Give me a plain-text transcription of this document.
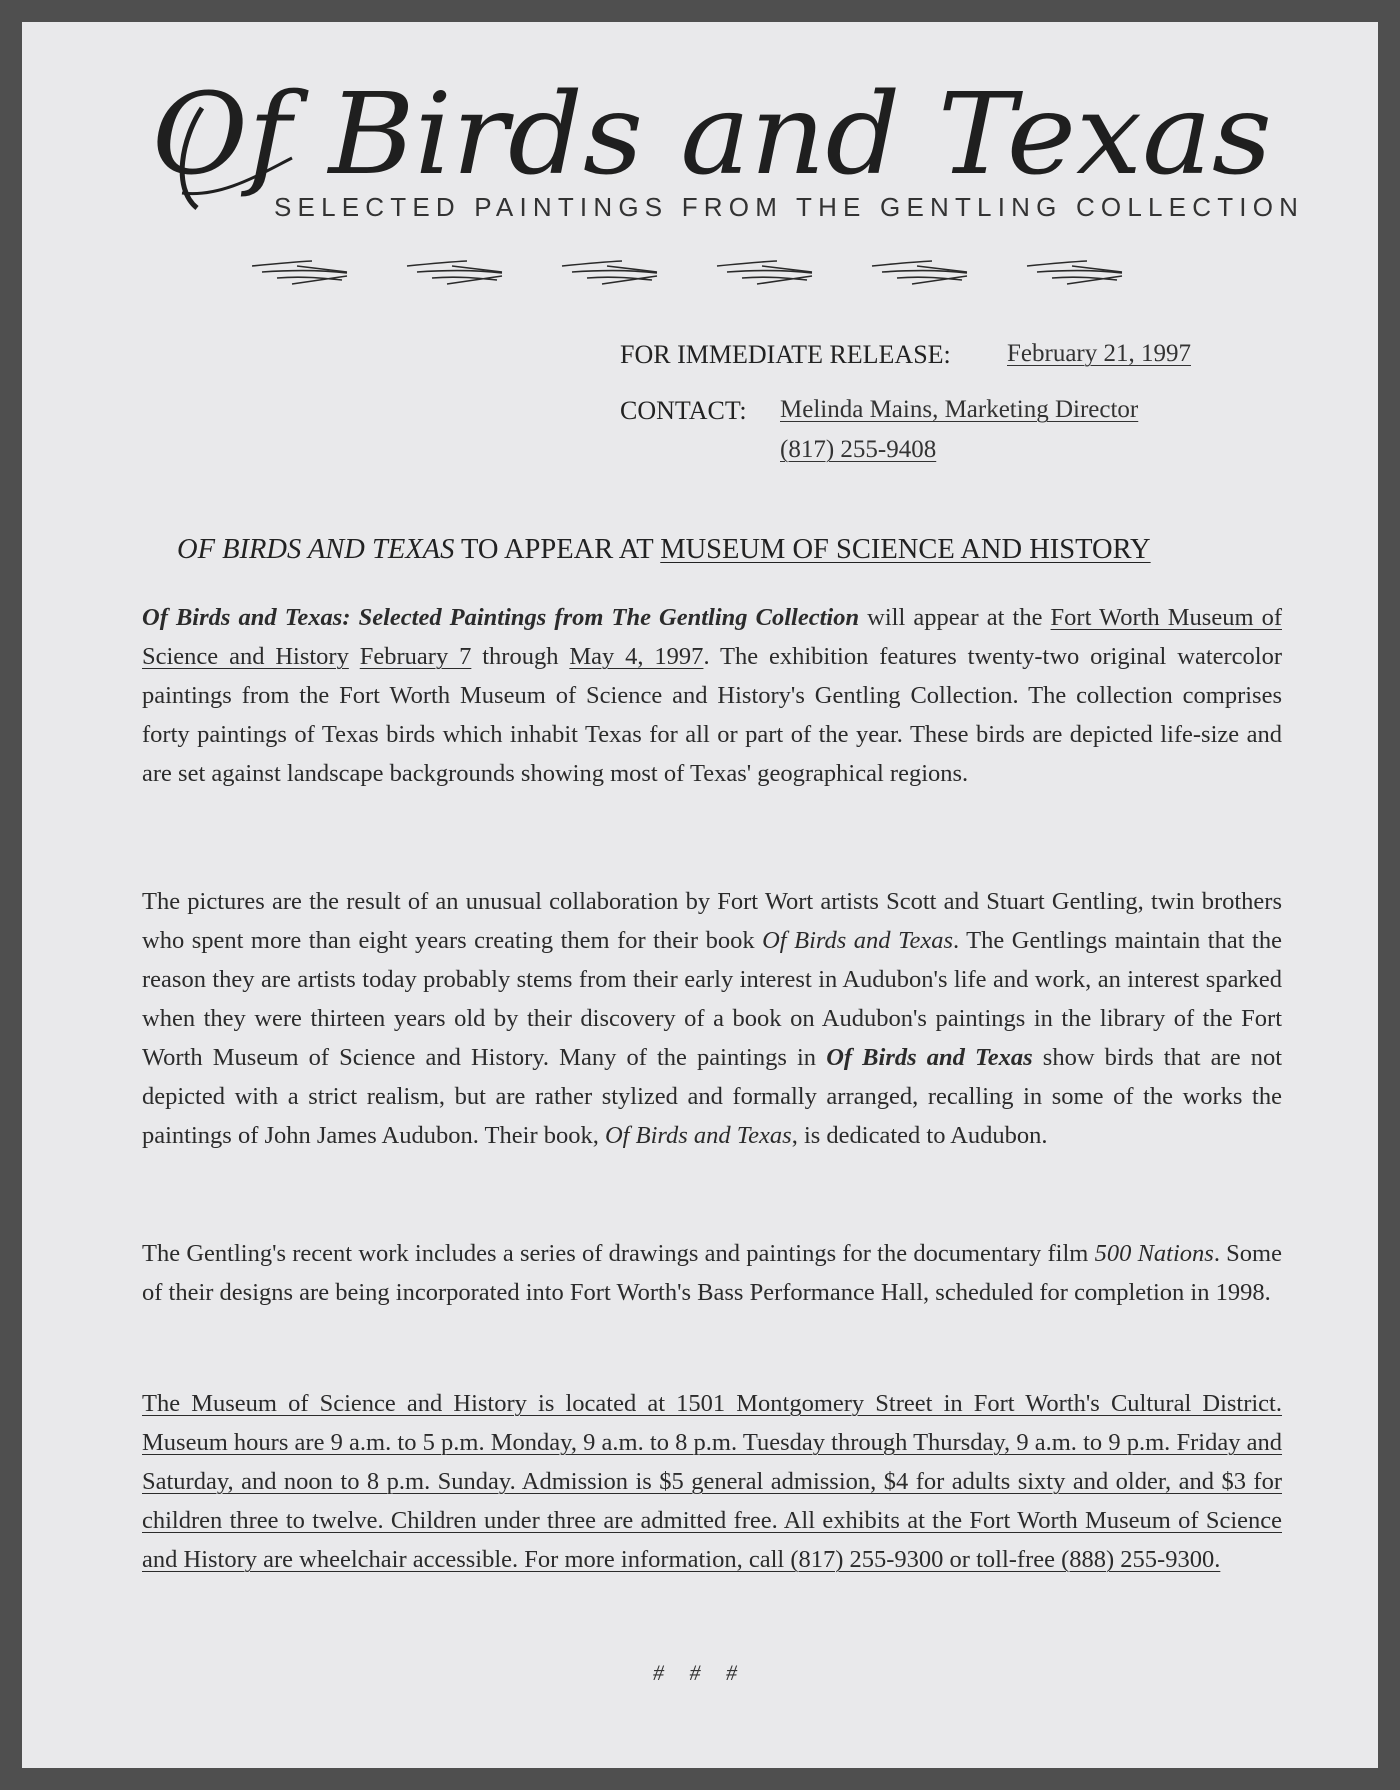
Of Birds and Texas
SELECTED PAINTINGS FROM THE GENTLING COLLECTION
FOR IMMEDIATE RELEASE: February 21, 1997
CONTACT: Melinda Mains, Marketing Director
(817) 255-9408
OF BIRDS AND TEXAS TO APPEAR AT MUSEUM OF SCIENCE AND HISTORY
Of Birds and Texas: Selected Paintings from The Gentling Collection will appear at the Fort Worth Museum of Science and History February 7 through May 4, 1997. The exhibition features twenty-two original watercolor paintings from the Fort Worth Museum of Science and History's Gentling Collection. The collection comprises forty paintings of Texas birds which inhabit Texas for all or part of the year. These birds are depicted life-size and are set against landscape backgrounds showing most of Texas' geographical regions.
The pictures are the result of an unusual collaboration by Fort Wort artists Scott and Stuart Gentling, twin brothers who spent more than eight years creating them for their book Of Birds and Texas. The Gentlings maintain that the reason they are artists today probably stems from their early interest in Audubon's life and work, an interest sparked when they were thirteen years old by their discovery of a book on Audubon's paintings in the library of the Fort Worth Museum of Science and History. Many of the paintings in Of Birds and Texas show birds that are not depicted with a strict realism, but are rather stylized and formally arranged, recalling in some of the works the paintings of John James Audubon. Their book, Of Birds and Texas, is dedicated to Audubon.
The Gentling's recent work includes a series of drawings and paintings for the documentary film 500 Nations. Some of their designs are being incorporated into Fort Worth's Bass Performance Hall, scheduled for completion in 1998.
The Museum of Science and History is located at 1501 Montgomery Street in Fort Worth's Cultural District. Museum hours are 9 a.m. to 5 p.m. Monday, 9 a.m. to 8 p.m. Tuesday through Thursday, 9 a.m. to 9 p.m. Friday and Saturday, and noon to 8 p.m. Sunday. Admission is $5 general admission, $4 for adults sixty and older, and $3 for children three to twelve. Children under three are admitted free. All exhibits at the Fort Worth Museum of Science and History are wheelchair accessible. For more information, call (817) 255-9300 or toll-free (888) 255-9300.
# # #
